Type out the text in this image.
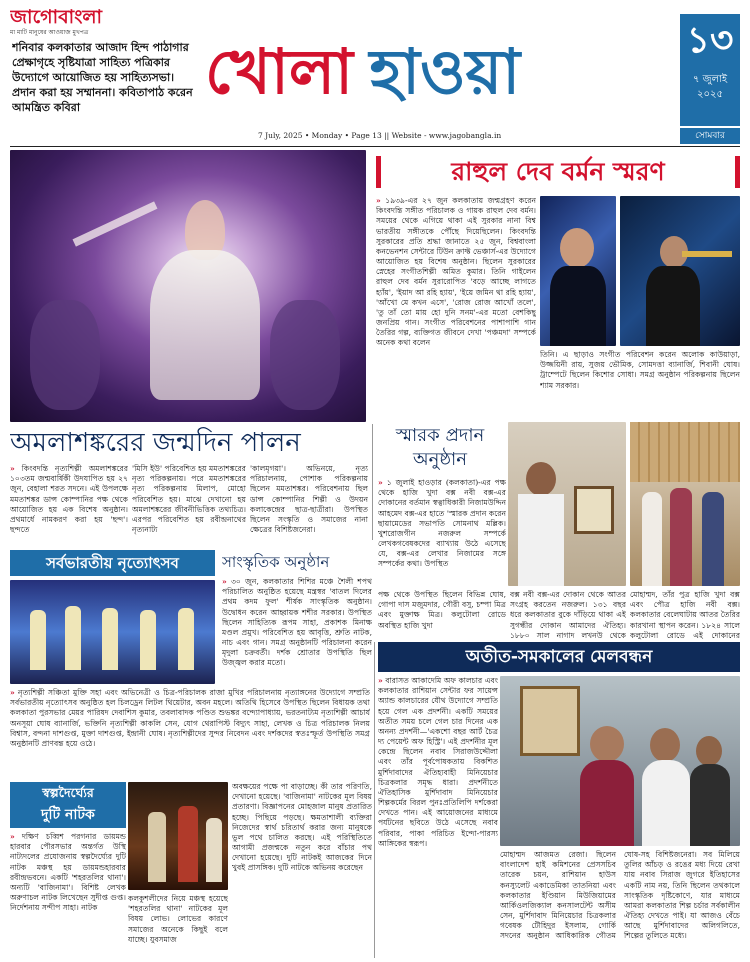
জাগোবাংলা
মা মাটি মানুষের আওয়াজ মুখপত্র

শনিবার কলকাতার আজাদ হিন্দ পাঠাগার প্রেক্ষাগৃহে সৃষ্টিযাত্রা সাহিত্য পত্রিকার উদ্যোগে আয়োজিত হয় সাহিত্যসভা। প্রদান করা হয় সম্মাননা। কবিতাপাঠ করেন আমন্ত্রিত কবিরা	খোলা হাওয়া
7 July, 2025 • Monday • Page 13 || Website - www.jagobangla.in
১৩
৭ জুলাই ২০২৫
সোমবার
রাহুল দেব বর্মন স্মরণ

» ১৯৩৯-এর ২৭ জুন কলকাতায় জন্মগ্রহণ করেন কিংবদন্তি সঙ্গীত পরিচালক ও গায়ক রাহুল দেব বর্মন। সময়ের থেকে এগিয়ে থাকা এই সুরকার নানা বিশ্ব ভারতীয় সঙ্গীতকে পৌঁছে দিয়েছিলেন। কিংবদন্তি সুরকারের প্রতি শ্রদ্ধা জানাতে ২৫ জুন, বিশ্ববাংলা কনভেনশন সেন্টারে টিউন ক্রাফ্ট ভেঞ্চার্স-এর উদ্যোগে আয়োজিত হয় বিশেষ অনুষ্ঠান। ছিলেন সুরকারের স্নেহের সংগীতশিল্পী অমিত কুমার। তিনি গাইলেন রাহুল দেব বর্মন সুরারোপিত 'বড়ে আচ্ছে লাগতে হ্যাঁয়', 'ইয়াদ আ রহি হ্যায়', 'ইয়ে জমিন থা রহি হ্যায়', 'আঁখো মে কখন এসে', 'রোজ রোজ আখোঁ তলে', 'তু তাঁ তো মায় হো দুনি সনম'-এর মতো বেশকিছু জনপ্রিয় গান। সংগীত পরিবেশনের পাশাপাশি গান তৈরির গল্প, ব্যক্তিগত জীবনে দেখা 'পঞ্চমদা' সম্পর্কে অনেক কথা বলেন

তিনি। এ ছাড়াও সংগীত পরিবেশন করেন অলোক কাউয়াড়া, উজ্জয়িনী রায়, সুজয় ভৌমিক, সোমদত্তা ব্যানার্জি, শিবানী ঘোষ। ট্রাম্পেটে ছিলেন কিশোর সোধা। সমগ্র অনুষ্ঠান পরিকল্পনায় ছিলেন শ্যাম সরকার।

অমলাশঙ্করের জন্মদিন পালন

» কিংবদন্তি নৃত্যশিল্পী অমলাশঙ্করের ১০৩তম জন্মবার্ষিকী উদযাপিত হয় ২৭ জুন, বেহালা শরত সদনে। এই উপলক্ষে মমতাশঙ্কর ডান্স কোম্পানির পক্ষ থেকে আয়োজিত হয় এক বিশেষ অনুষ্ঠান। প্রথমার্ধে নামকরণ করা হয় 'ছন্দ'। ছন্দতে

'মিসি ইউ' পরিবেশিত হয় মমতাশঙ্করের নৃত্য পরিকল্পনায়। পরে মমতাশঙ্করের নৃত্য পরিকল্পনায় মিলাপ, মোহো পরিবেশিত হয়। মাঝে দেখানো হয় অমলাশঙ্করের জীবনীভিত্তিক তথ্যচিত্র। এরপর পরিবেশিত হয় রবীন্দ্রনাথের নৃত্যনাট্য

'কালমৃগয়া'। অভিনয়ে, নৃত্য পরিচালনায়, পোশাক পরিকল্পনায় ছিলেন মমতাশঙ্কর। পরিবেশনায় ছিল ডান্স কোম্পানির শিল্পী ও উদয়ন কলাকেন্দ্রের ছাত্র-ছাত্রীরা। উপস্থিত ছিলেন সংস্কৃতি ও সমাজের নানা ক্ষেত্রের বিশিষ্টজনেরা।

স্মারক প্রদান
অনুষ্ঠান

» ১ জুলাই হাওড়ার (কলকাতা)-এর পক্ষ থেকে হাজি খুদা বক্স নবী বক্স-এর দোকানের বর্তমান স্বত্বাধিকারী নিজামউদ্দিন আহমেদ বক্স-এর হাতে 'স্মারক প্রদান করেন ছায়ামেডের সভাপতি সোমনাথ মল্লিক। খুশরোজগীন নজরুল সম্পর্কে লেখকগবেষকদের ব্যাখ্যায় উঠে এসেছে যে, বক্স-এর লেখার নিজামের সঙ্গে সম্পর্কের কথা। উপস্থিত

সর্বভারতীয় নৃত্যোৎসব

» নৃত্যশিল্পী সঞ্চিতা মুক্তি সহা এবং অভিনেত্রী ও চিত্র-পরিচালক রাজা মুখির পরিচালনায় নৃত্যাঙ্গনের উদ্যোগে সম্প্রতি সর্বভারতীয় নৃত্যোৎসব অনুষ্ঠিত হল চিলড্রেন লিটল থিয়েটার, অবন মহলে। অতিথি হিসেবে উপস্থিত ছিলেন বিধায়ক তথা কলকাতা পুরসভার মেয়র পারিষদ দেবাশিস কুমার, তবলাবাদক পণ্ডিত শুভঙ্কর বন্দ্যোপাধ্যায়, ভরতনাট্যম নৃত্যশিল্পী আচার্য অনসূয়া ঘোষ ব্যানার্জি, ভক্তিনি নৃত্যশিল্পী কাকলি সেন, যোগ থেরাপিস্ট বিদ্যুৎ সাহা, লেখক ও চিত্র পরিচালক নিলয় বিশ্বাস, বন্দনা দাশগুপ্ত, মুক্তা দাশগুপ্ত, ইন্দ্রানী ঘোষ। নৃত্যশিল্পীদের সুন্দর নিবেদন এবং দর্শকদের স্বতঃস্ফূর্ত উপস্থিতি সমগ্র অনুষ্ঠানটি প্রাণবন্ত হয়ে ওঠে।

সাংস্কৃতিক অনুষ্ঠান

» ৩০ জুন, কলকাতার শিশির মঞ্চে শৈলী শপথ পরিচালিত অনুষ্ঠিত হয়েছে মন্ত্রস্বর 'বাতল দিলের প্রথম কদম ফুল' শীর্ষক সাংস্কৃতিক অনুষ্ঠান। উদ্বোধন করেন আহ্বায়ক শশীর সরকার। উপস্থিত ছিলেন সাহিত্যিক রূপম সাহা, প্রকাশক মিনাক্ষ মণ্ডল প্রমুখ। পরিবেশিত হয় আবৃত্তি, শ্রুতি নাটক, নাচ এবং গান। সমগ্র অনুষ্ঠানটি পরিচালনা করেন মৃদুলা চক্রবর্তী। দর্শক শ্রোতার উপস্থিতি ছিল উজ্জ্বল করার মতো।

পক্ষ থেকে উপস্থিত ছিলেন বিভিন্ন ঘোষ, গোপা দাস মজুমদার, গৌরী বসু, চম্পা মিত্র এবং মুক্তাক্ষ মিত্র। কলুটোলা রোডে অবস্থিত হাজি খুদা

বক্স নবী বক্স-এর দোকান থেকে আতর সংগ্রহ করতেন নজরুল। ১৩১ বছর ধরে কলকাতার বুকে দাঁড়িয়ে থাকা এই সুগন্ধীর দোকান আমাদের ঐতিহ্য। ১৮৮০ সাল নাগাদ লখনউ থেকে

মোহাম্মদ, তাঁর পুত্র হাজি খুদা বক্স এবং পৌত্র হাজি নবী বক্স। কলকাতার বেলেঘাটায় আতর তৈরির কারখানা স্থাপন করেন। ১৮২৪ সালে কলুটোলা রোডে এই দোকানের

অতীত-সমকালের মেলবন্ধন

» বারাসত আকাদেমি অফ কালচার এবং কলকাতার রাশিয়ান সেন্টার ফর সায়েন্স অ্যান্ড কালচারের যৌথ উদ্যোগে সম্প্রতি হয়ে গেল এক প্রদর্শনী। একটি সময়ের অতীত সময় চলে গেল চার দিনের এক অনন্য প্রদর্শনী—'একশো বছর আর্ট চৈত্র দ্য পেয়েন্ট অফ হিস্ট্রি'। এই প্রদর্শনীর মূল কেন্দ্রে ছিলেন নবাব সিরাজউদ্দৌলা এবং তাঁর পূর্বপোষকতায় বিকশিত মুর্শিদাবাদের ঐতিহ্যবাহী মিনিয়েচার চিত্রকলার সমৃদ্ধ ধারা। প্রদর্শনীতে ঐতিহাসিক মুর্শিদাবাদ মিনিয়েচার শিল্পকর্মের বিরল পুনঃপ্রতিলিপি দর্শকেরা দেখতে পান। এই আয়োজনের মাধ্যমে পর্যটনের ছবিতে উঠে এসেছে নবাব পরিবার, পাকা পরিচিত ইন্দো-পারস্য আঙ্গিকের স্বরূপ।

মোহাম্মদ আজমত রেজা। ছিলেন বাংলাদেশ হাই কমিশনের প্রেসসচিব তারেক চয়ন, রাশিয়ান হাউস কনস্যুলেট একাডেমিকা তাতনিয়া এবং কলকাতার ইণ্ডিয়ান মিউজিয়ামের আর্কিওলজিক্যাল কনসালটেন্ট অসীম সেন, মুর্শিদাবাদ মিনিয়েচার চিত্রকলার গবেষক টৌহিদুর ইসলাম, গোর্কি সদনের অনুষ্ঠান আধিকারিক গৌতম ঘোষ-সহ বিশিষ্টজনেরা। সব মিলিয়ে তুলির আঁচড় ও রঙের মধ্য দিয়ে রেখা যায় নবাব সিরাজ জুগরে ইতিহাসের একটি নাম নয়, তিনি ছিলেন তথকালে সাংস্কৃতিক দৃষ্টিকোণে, যার মাধ্যমে আমরা কলকাতার শিল্প চর্চার সর্বকালীন ঐতিহ্য দেখতে পাই। যা আজও বেঁচে আছে মুর্শিদাবাদের অলিগলিতে, শিল্পের তুলিতে মধ্যে।

স্বল্পদৈর্ঘ্যের
দুটি নাটক

» দক্ষিণ চব্বিশ পরগনার ডায়মন্ড হারবার পৌরসভার অন্তর্গত উস্থি নাট্যদলের প্রযোজনায় স্বল্পদৈর্ঘ্যের দুটি নাটক মঞ্চস্থ হয় ডায়মন্ডহারবার রবীন্দ্রভবনে। একটি 'শহরতলির থানা'। অন্যটি 'বাজিনামা'। বিশিষ্ট লেখক অরুণাচল নাটক লিখেছেন সুদীপ্ত গুপ্ত। নির্দেশনায় সন্দীপ সাহা। নাটক

কলকুশলীদের নিয়ে মঞ্চস্থ হয়েছে 'শহরতলির থানা' নাটকের মূল বিষয় লোভ। লোভের কারণে সমাজের অনেকে কিছুই বলে যাচ্ছে। যুবসমাজ

অবক্ষয়ের পক্ষে পা বাড়াচ্ছে। কী তার পরিণতি, দেখানো হয়েছে। 'বাজিনামা' নাটকের মূল বিষয় প্রতারণা। বিজ্ঞাপনের মোহজাল মানুষ প্রতারিত হচ্ছে। পিছিয়ে পড়ছে। ক্ষমতাশালী ব্যক্তিরা নিজেদের স্বার্থ চরিতার্থ করার জন্য মানুষকে ভুল পথে চালিত করছে। এই পরিস্থিতিতে আগামী প্রজন্মকে নতুন করে বাঁচার পথ দেখানো হয়েছে। দুটি নাটকই আজকের দিনে খুবই প্রাসঙ্গিক। দুটি নাটকে অভিনয় করেছেন
